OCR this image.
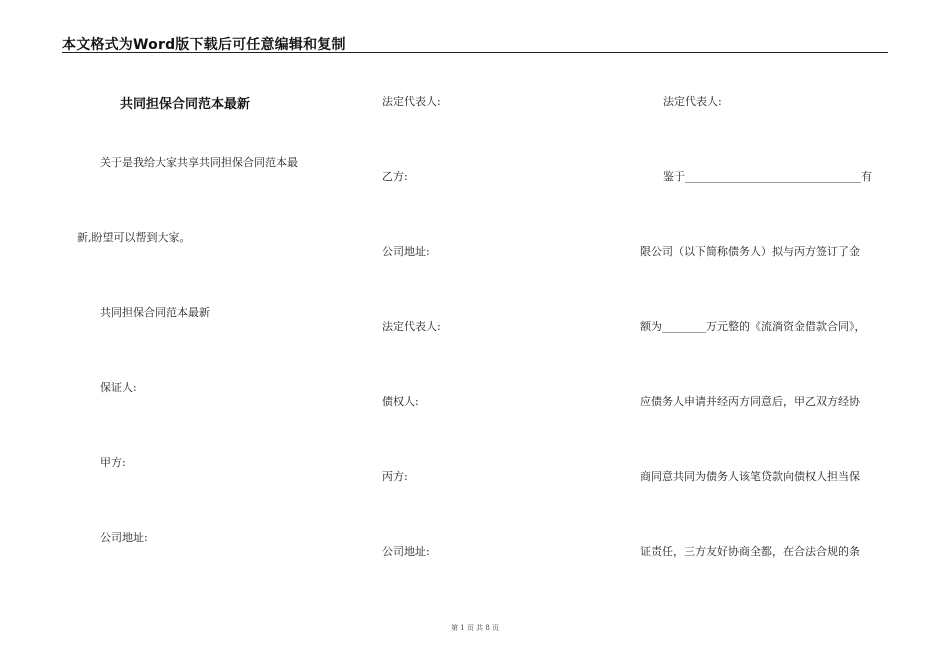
本文格式为Word版下载后可任意编辑和复制
共同担保合同范本最新
关于是我给大家共享共同担保合同范本最
新,盼望可以帮到大家。
共同担保合同范本最新
保证人:
甲方:
公司地址:
法定代表人:
乙方:
公司地址:
法定代表人:
债权人:
丙方:
公司地址:
法定代表人:
鉴于________________________________有
限公司（以下简称债务人）拟与丙方签订了金
额为________万元整的《流淌资金借款合同》，
应债务人申请并经丙方同意后，甲乙双方经协
商同意共同为债务人该笔贷款向债权人担当保
证责任，三方友好协商全都，在合法合规的条
第 1 页 共 8 页
